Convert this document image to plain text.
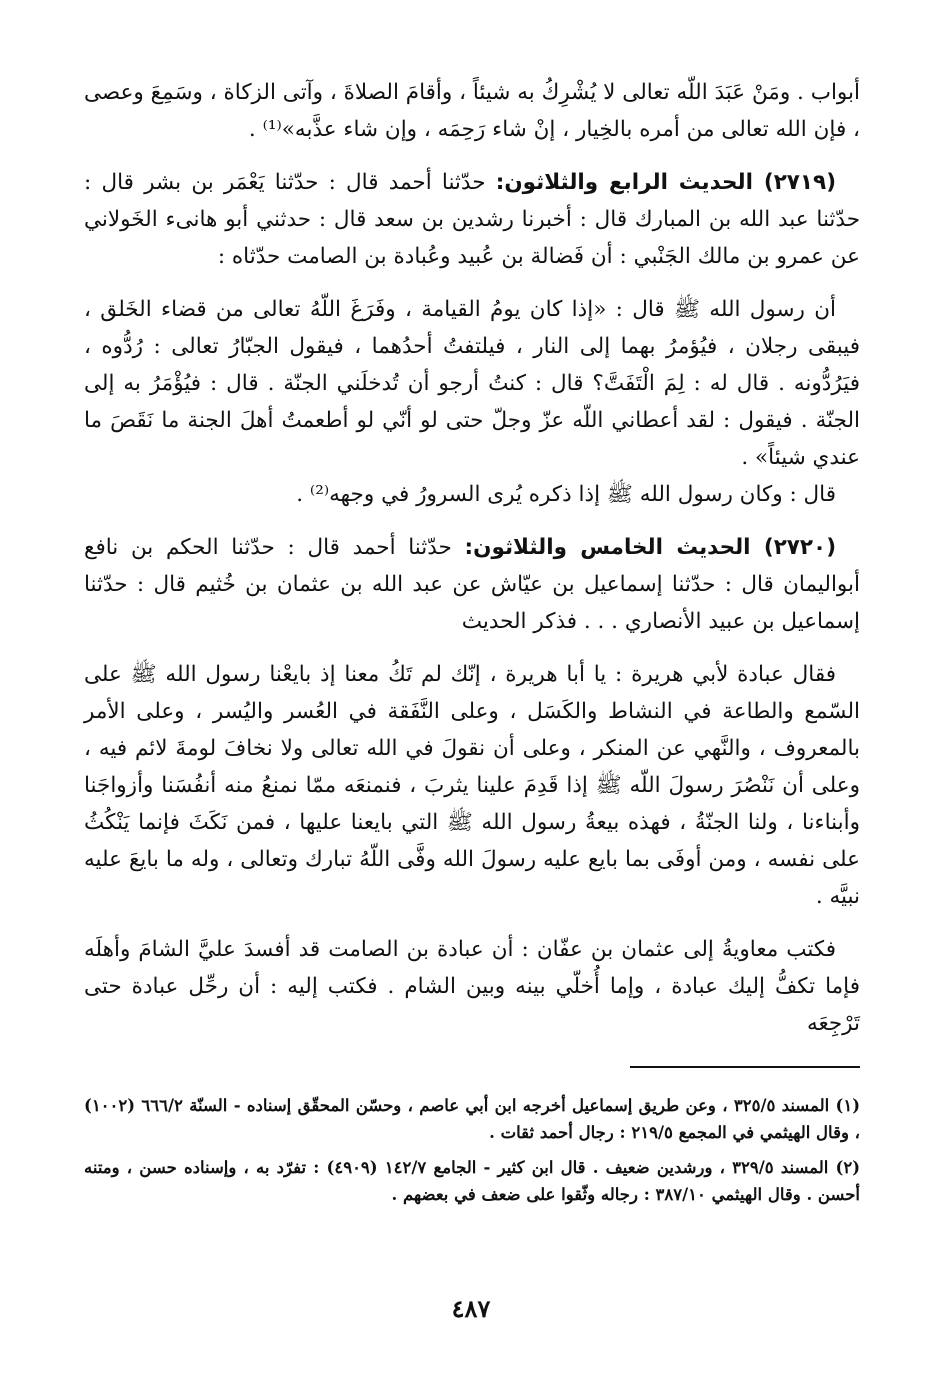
أبواب . ومَنْ عَبَدَ اللّه تعالى لا يُشْرِكُ به شيئاً ، وأقامَ الصلاةَ ، وآتى الزكاة ، وسَمِعَ وعصى ، فإن الله تعالى من أمره بالخِيار ، إنْ شاء رَحِمَه ، وإن شاء عذَّبه»⁽¹⁾ .

(٢٧١٩) الحديث الرابع والثلاثون: حدّثنا أحمد قال : حدّثنا يَعْمَر بن بشر قال : حدّثنا عبد الله بن المبارك قال : أخبرنا رشدين بن سعد قال : حدثني أبو هانىء الخَولاني عن عمرو بن مالك الجَنْبي : أن فَضالة بن عُبيد وعُبادة بن الصامت حدّثاه :

أن رسول الله ﷺ قال : «إذا كان يومُ القيامة ، وفَرَغَ اللّهُ تعالى من قضاء الخَلق ، فيبقى رجلان ، فيُؤمرُ بهما إلى النار ، فيلتفتُ أحدُهما ، فيقول الجبّارُ تعالى : رُدُّوه ، فيَرُدُّونه . قال له : لِمَ الْتَفَتَّ؟ قال : كنتُ أرجو أن تُدخلَني الجنّة . قال : فيُؤْمَرُ به إلى الجنّة . فيقول : لقد أعطاني اللّه عزّ وجلّ حتى لو أنّي لو أطعمتُ أهلَ الجنة ما نَقَصَ ما عندي شيئاً» .

قال : وكان رسول الله ﷺ إذا ذكره يُرى السرورُ في وجهه⁽²⁾ .

(٢٧٢٠) الحديث الخامس والثلاثون: حدّثنا أحمد قال : حدّثنا الحكم بن نافع أبواليمان قال : حدّثنا إسماعيل بن عيّاش عن عبد الله بن عثمان بن خُثيم قال : حدّثنا إسماعيل بن عبيد الأنصاري . . . فذكر الحديث

فقال عبادة لأبي هريرة : يا أبا هريرة ، إنّك لم تَكُ معنا إذ بايعْنا رسول الله ﷺ على السّمع والطاعة في النشاط والكَسَل ، وعلى النَّفَقة في العُسر واليُسر ، وعلى الأمر بالمعروف ، والنَّهي عن المنكر ، وعلى أن نقولَ في الله تعالى ولا نخافَ لومةَ لائم فيه ، وعلى أن نَنْصُرَ رسولَ اللّه ﷺ إذا قَدِمَ علينا يثربَ ، فنمنعَه ممّا نمنعُ منه أنفُسَنا وأزواجَنا وأبناءنا ، ولنا الجنّةُ ، فهذه بيعةُ رسول الله ﷺ التي بايعنا عليها ، فمن نَكَثَ فإنما يَنْكُثُ على نفسه ، ومن أوفَى بما بايع عليه رسولَ الله وفَّى اللّهُ تبارك وتعالى ، وله ما بايعَ عليه نبيَّه .

فكتب معاويةُ إلى عثمان بن عفّان : أن عبادة بن الصامت قد أفسدَ عليَّ الشامَ وأهلَه فإما تكفُّ إليك عبادة ، وإما أُخلّي بينه وبين الشام . فكتب إليه : أن رحِّل عبادة حتى تَرْجِعَه

(١) المسند ٣٢٥/٥ ، وعن طريق إسماعيل أخرجه ابن أبي عاصم ، وحسّن المحقّق إسناده - السنّة ٦٦٦/٢ (١٠٠٢) ، وقال الهيثمي في المجمع ٢١٩/٥ : رجال أحمد ثقات .

(٢) المسند ٣٢٩/٥ ، ورشدين ضعيف . قال ابن كثير - الجامع ١٤٢/٧ (٤٩٠٩) : تفرّد به ، وإسناده حسن ، ومتنه أحسن . وقال الهيثمي ٣٨٧/١٠ : رجاله وثّقوا على ضعف في بعضهم .

٤٨٧
